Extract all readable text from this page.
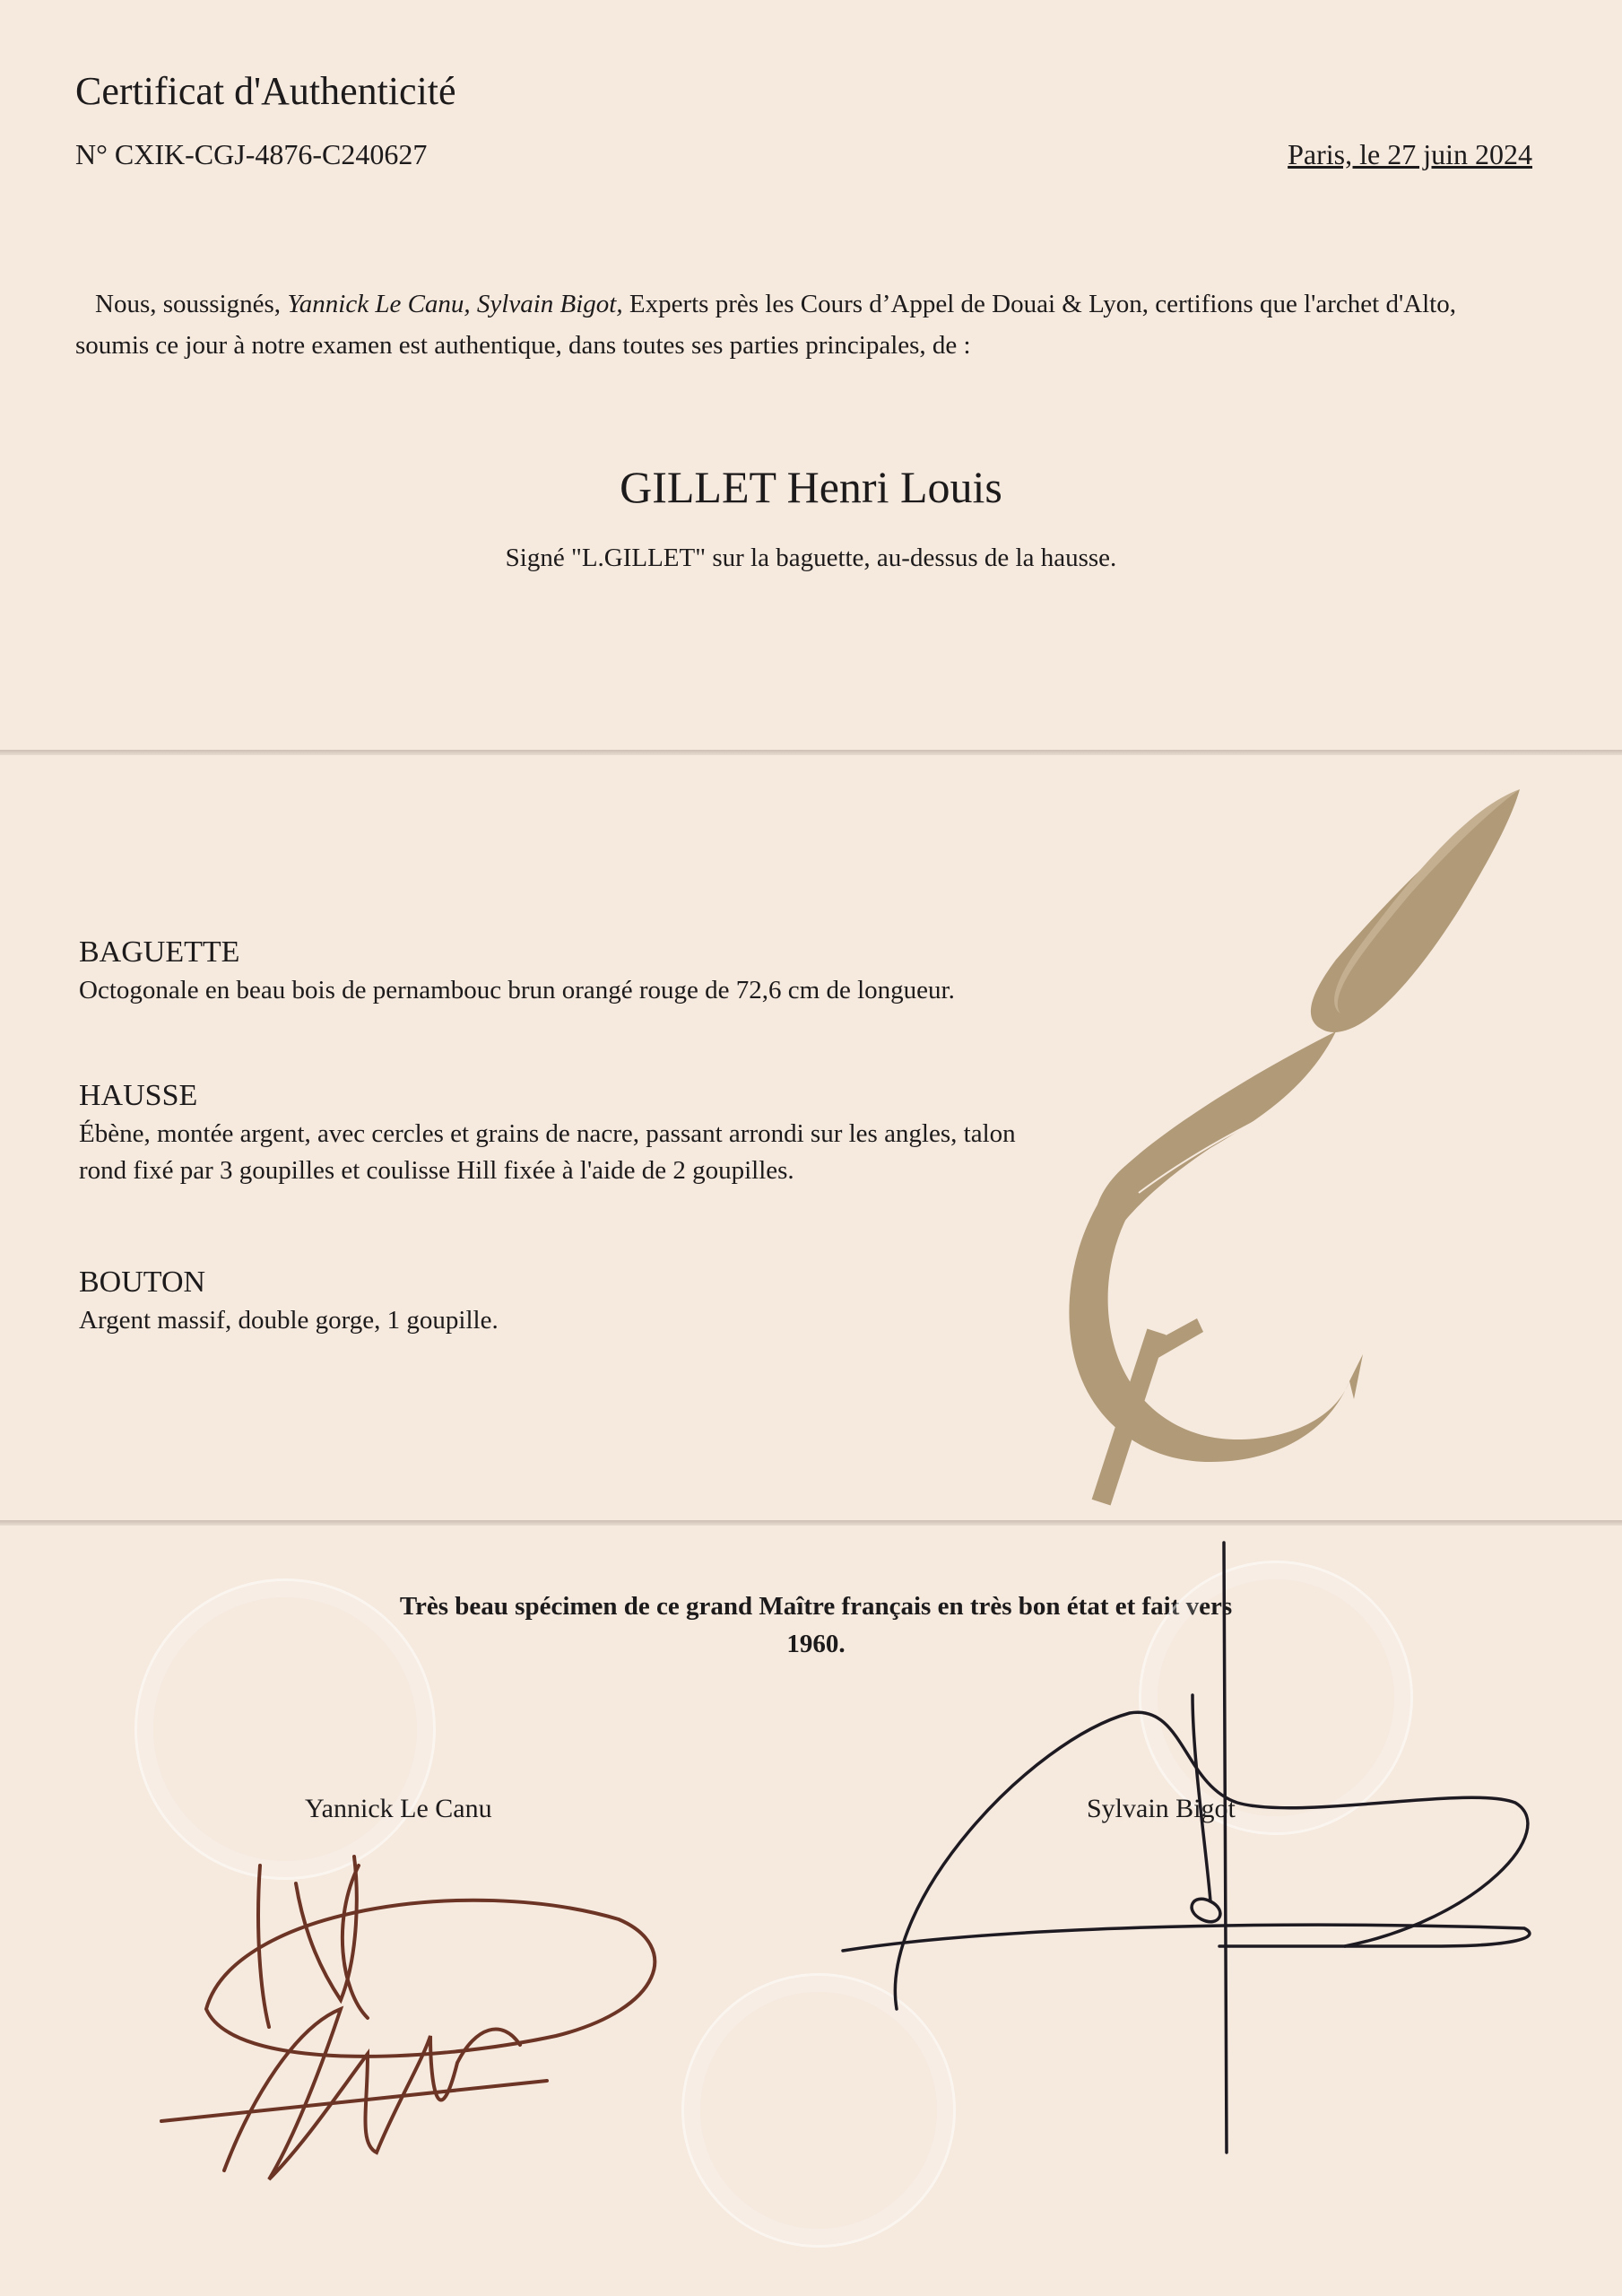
Certificat d'Authenticité
N° CXIK-CGJ-4876-C240627	Paris, le 27 juin 2024
Nous, soussignés, Yannick Le Canu, Sylvain Bigot, Experts près les Cours d’Appel de Douai & Lyon, certifions que l'archet d'Alto, soumis ce jour à notre examen est authentique, dans toutes ses parties principales, de :
GILLET Henri Louis
Signé "L.GILLET" sur la baguette, au-dessus de la hausse.
BAGUETTE
Octogonale en beau bois de pernambouc brun orangé rouge de 72,6 cm de longueur.
HAUSSE
Ébène, montée argent, avec cercles et grains de nacre, passant arrondi sur les angles, talon rond fixé par 3 goupilles et coulisse Hill fixée à l'aide de 2 goupilles.
BOUTON
Argent massif, double gorge, 1 goupille.
Très beau spécimen de ce grand Maître français en très bon état et fait vers 1960.
Yannick Le Canu	Sylvain Bigot
